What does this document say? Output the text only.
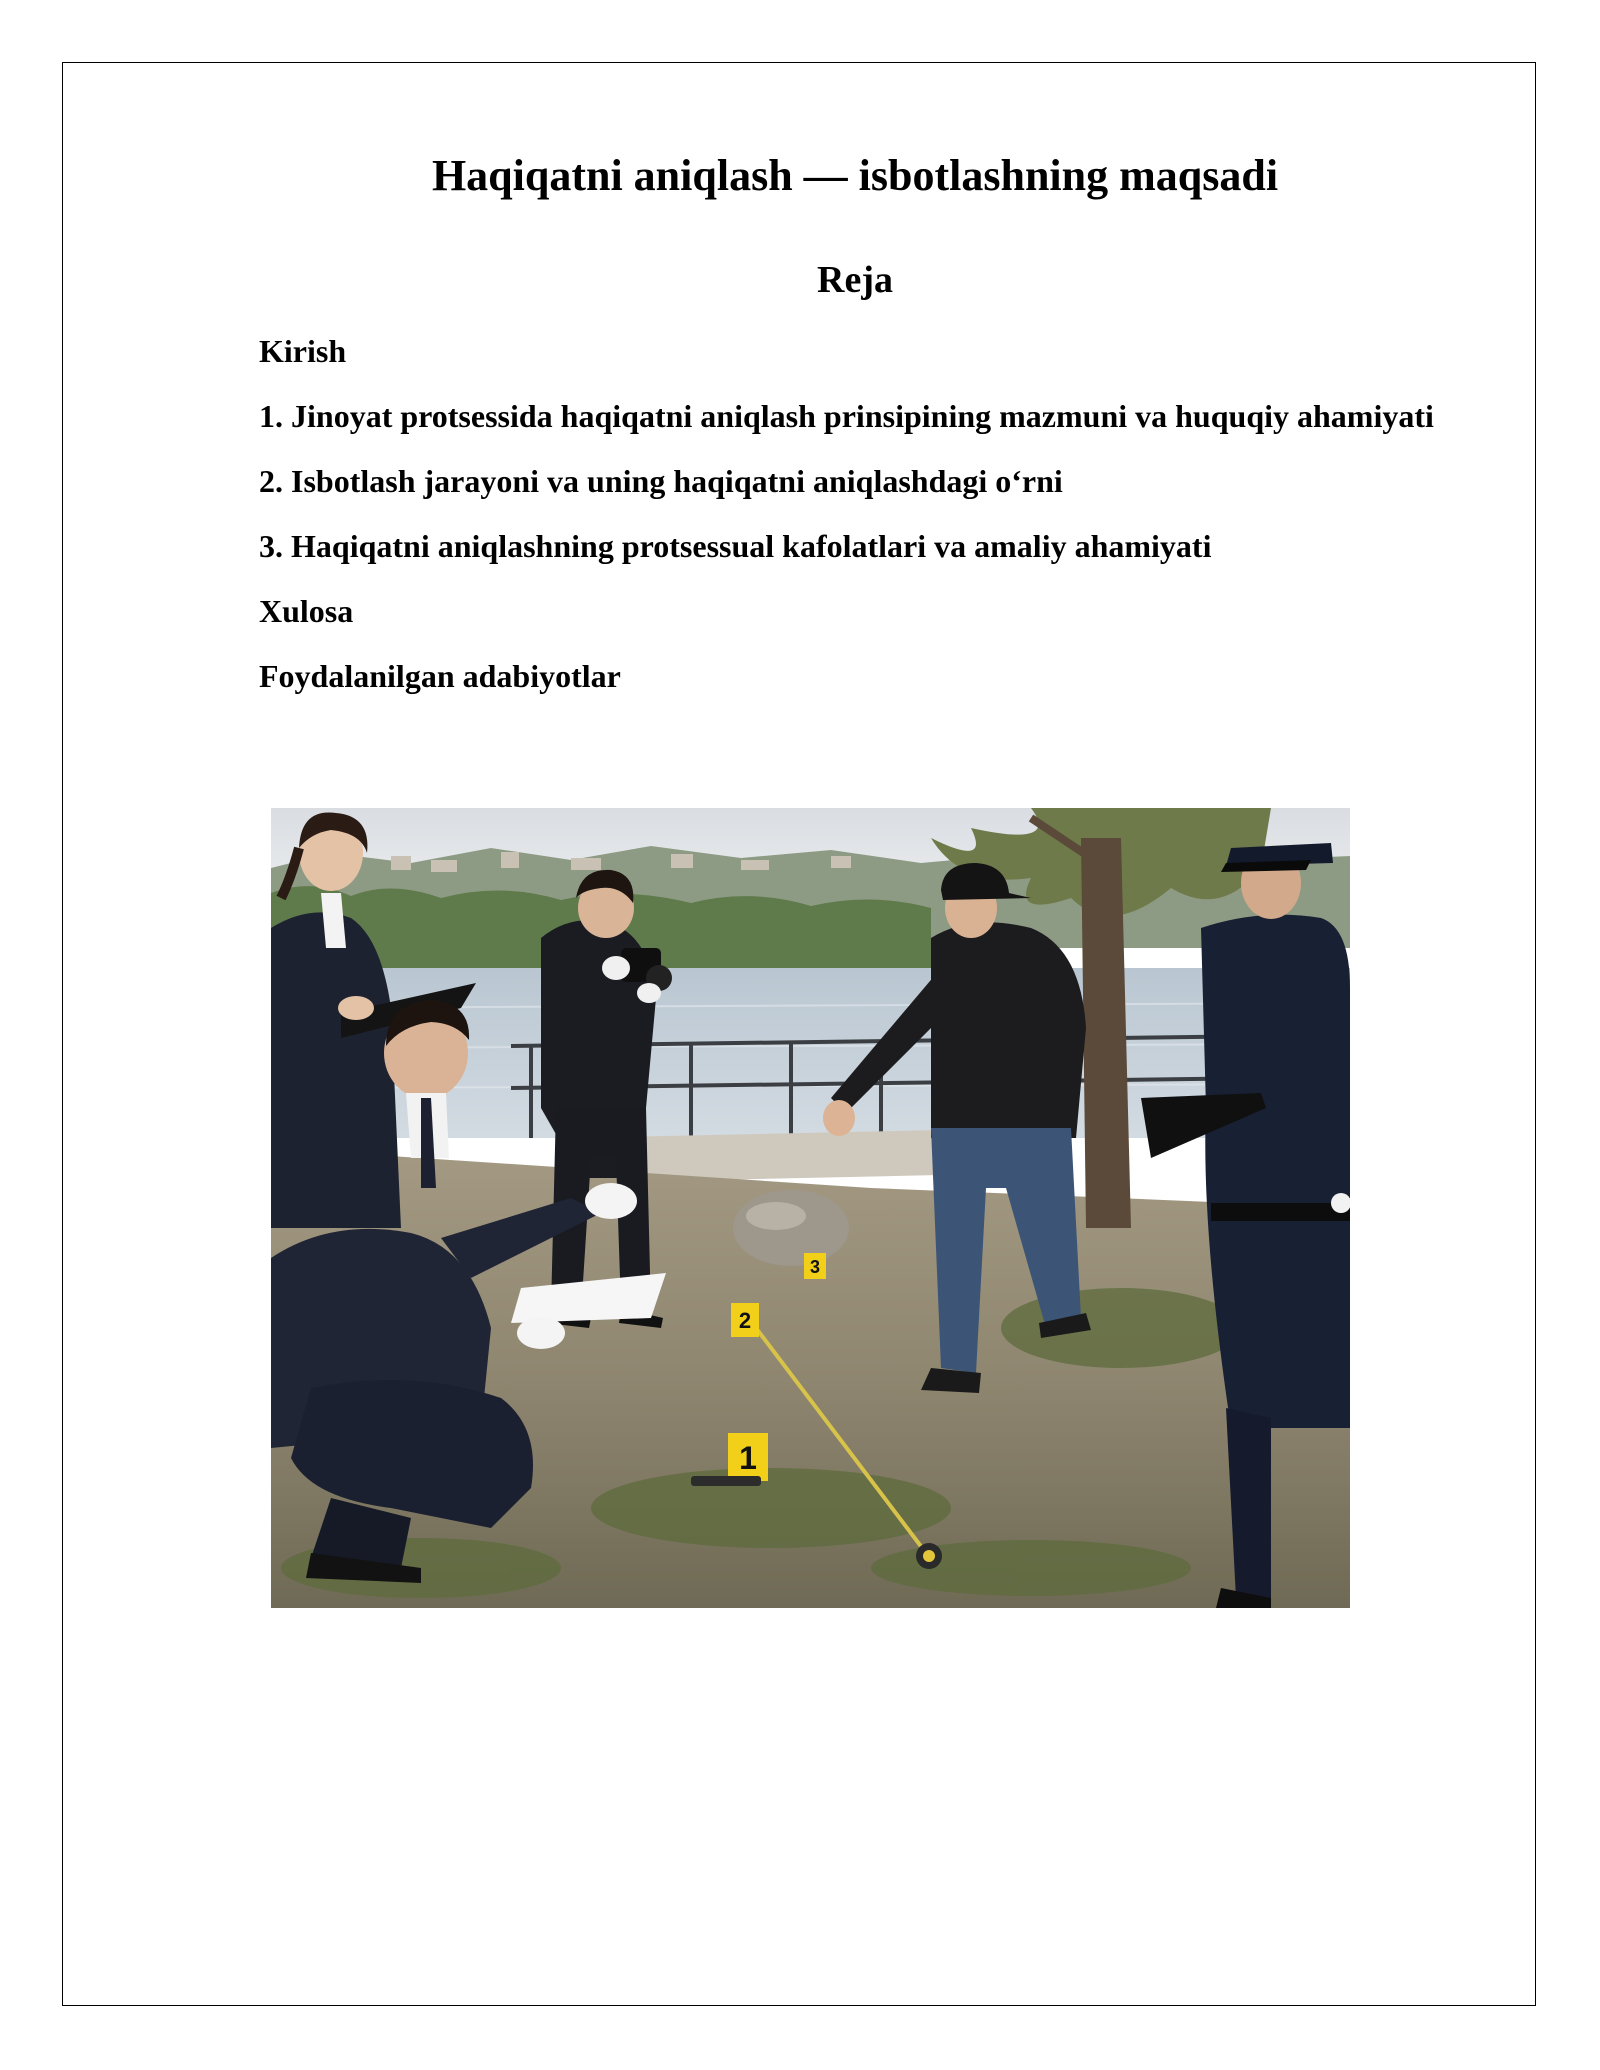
Haqiqatni aniqlash — isbotlashning maqsadi
Reja
Kirish
1. Jinoyat protsessida haqiqatni aniqlash prinsipining mazmuni va huquqiy ahamiyati
2. Isbotlash jarayoni va uning haqiqatni aniqlashdagi o‘rni
3. Haqiqatni aniqlashning protsessual kafolatlari va amaliy ahamiyati
Xulosa
Foydalanilgan adabiyotlar
1
2
3
